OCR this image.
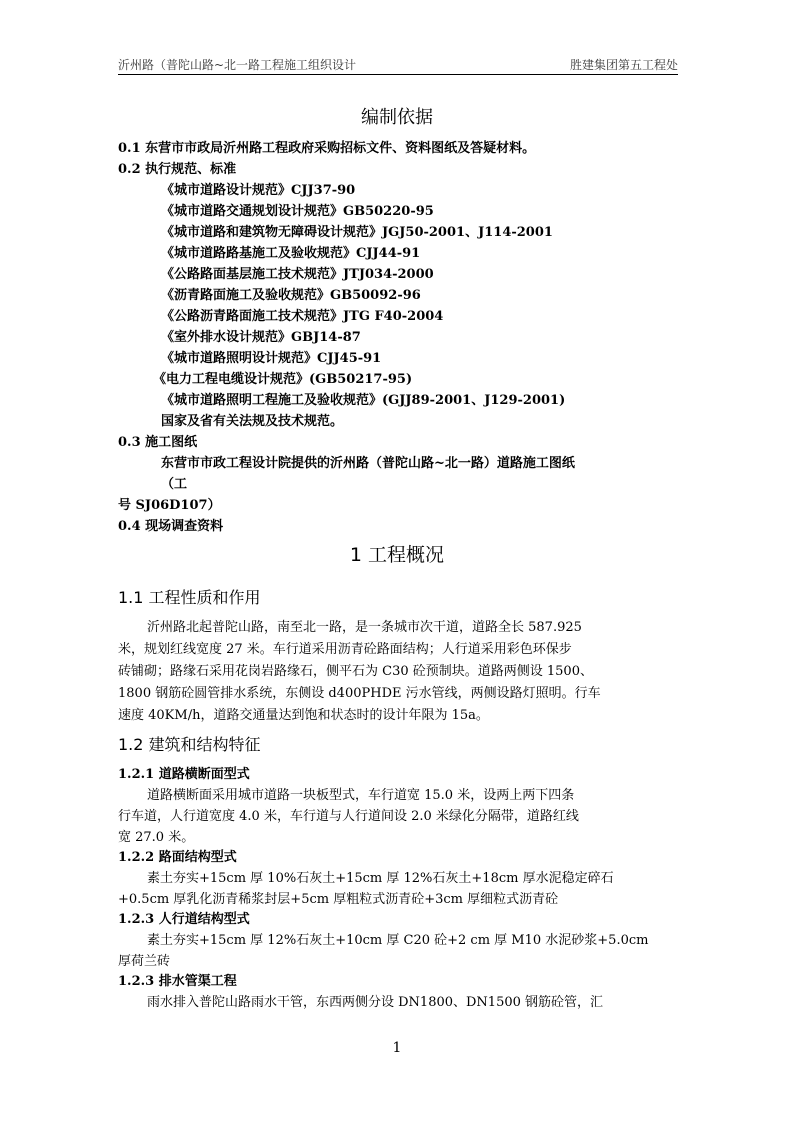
沂州路（普陀山路~北一路工程施工组织设计	胜建集团第五工程处
编制依据
0.1 东营市市政局沂州路工程政府采购招标文件、资料图纸及答疑材料。
0.2 执行规范、标准
《城市道路设计规范》CJJ37-90
《城市道路交通规划设计规范》GB50220-95
《城市道路和建筑物无障碍设计规范》JGJ50-2001、J114-2001
《城市道路路基施工及验收规范》CJJ44-91
《公路路面基层施工技术规范》JTJ034-2000
《沥青路面施工及验收规范》GB50092-96
《公路沥青路面施工技术规范》JTG F40-2004
《室外排水设计规范》GBJ14-87
《城市道路照明设计规范》CJJ45-91
《电力工程电缆设计规范》(GB50217-95)
《城市道路照明工程施工及验收规范》(GJJ89-2001、J129-2001)
国家及省有关法规及技术规范。
0.3 施工图纸
东营市市政工程设计院提供的沂州路（普陀山路~北一路）道路施工图纸
（工
号 SJ06D107）
0.4 现场调查资料
1 工程概况
1.1 工程性质和作用
沂州路北起普陀山路，南至北一路，是一条城市次干道，道路全长 587.925
米，规划红线宽度 27 米。车行道采用沥青砼路面结构；人行道采用彩色环保步
砖铺砌；路缘石采用花岗岩路缘石，侧平石为 C30 砼预制块。道路两侧设 1500、
1800 钢筋砼圆管排水系统，东侧设 d400PHDE 污水管线，两侧设路灯照明。行车
速度 40KM/h，道路交通量达到饱和状态时的设计年限为 15a。
1.2 建筑和结构特征
1.2.1 道路横断面型式
道路横断面采用城市道路一块板型式，车行道宽 15.0 米，设两上两下四条
行车道，人行道宽度 4.0 米，车行道与人行道间设 2.0 米绿化分隔带，道路红线
宽 27.0 米。
1.2.2 路面结构型式
素土夯实+15cm 厚 10%石灰土+15cm 厚 12%石灰土+18cm 厚水泥稳定碎石
+0.5cm 厚乳化沥青稀浆封层+5cm 厚粗粒式沥青砼+3cm 厚细粒式沥青砼
1.2.3 人行道结构型式
素土夯实+15cm 厚 12%石灰土+10cm 厚 C20 砼+2 cm 厚 M10 水泥砂浆+5.0cm
厚荷兰砖
1.2.3 排水管渠工程
雨水排入普陀山路雨水干管，东西两侧分设 DN1800、DN1500 钢筋砼管，汇
1
